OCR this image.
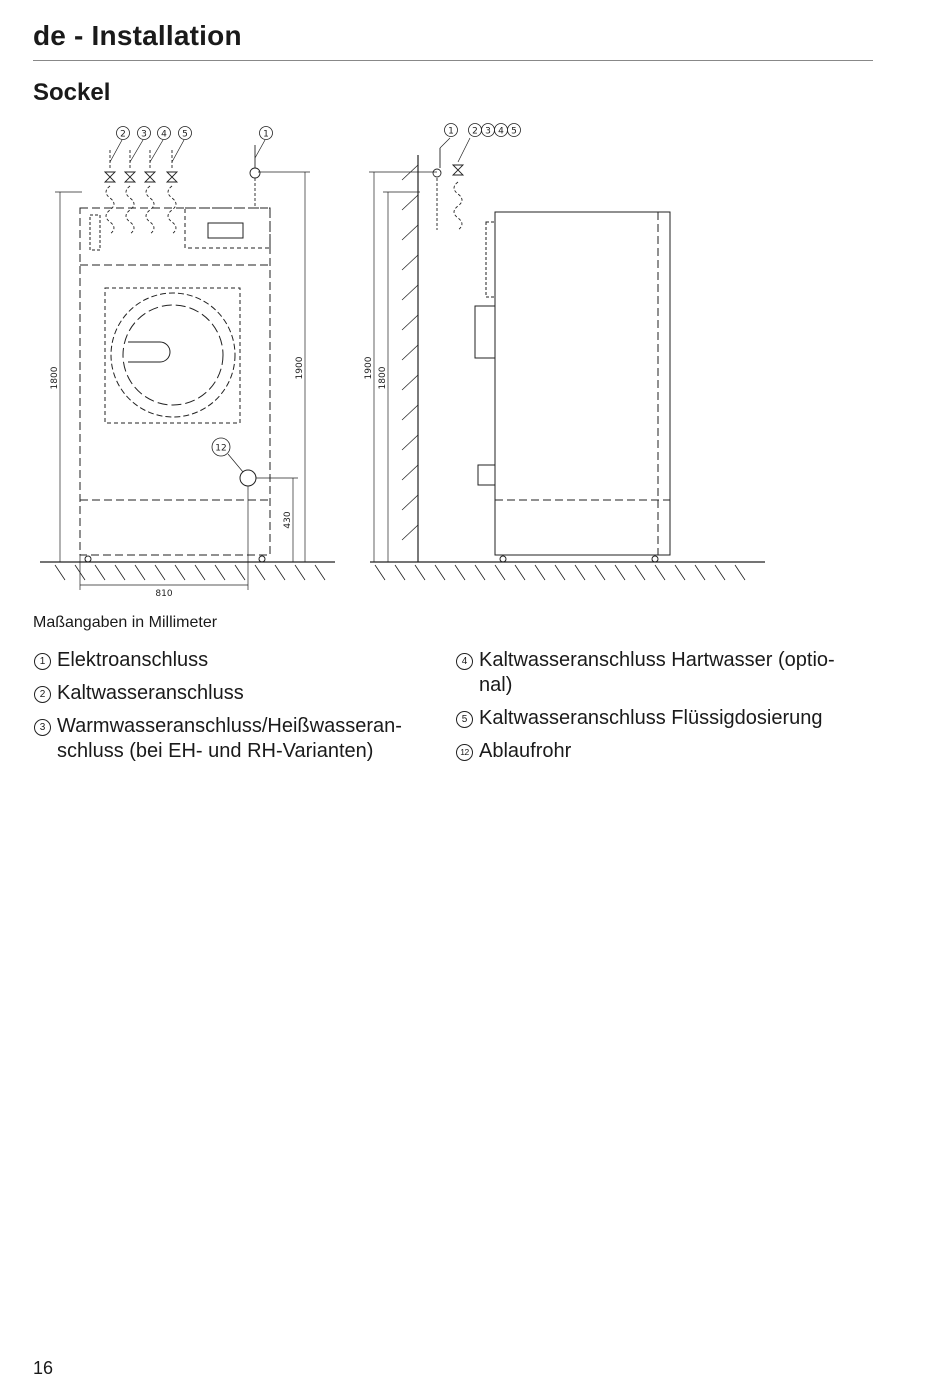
de - Installation
Sockel
2 3 4 5	1	1 2 3 4 5
12
810
1800	1900
430
1900 1800
Maßangaben in Millimeter
1 Elektroanschluss
2 Kaltwasseranschluss
3 Warmwasseranschluss/Heißwasseran-
schluss (bei EH- und RH-Varianten)
4 Kaltwasseranschluss Hartwasser (optio-
nal)
5 Kaltwasseranschluss Flüssigdosierung
12 Ablaufrohr
16
